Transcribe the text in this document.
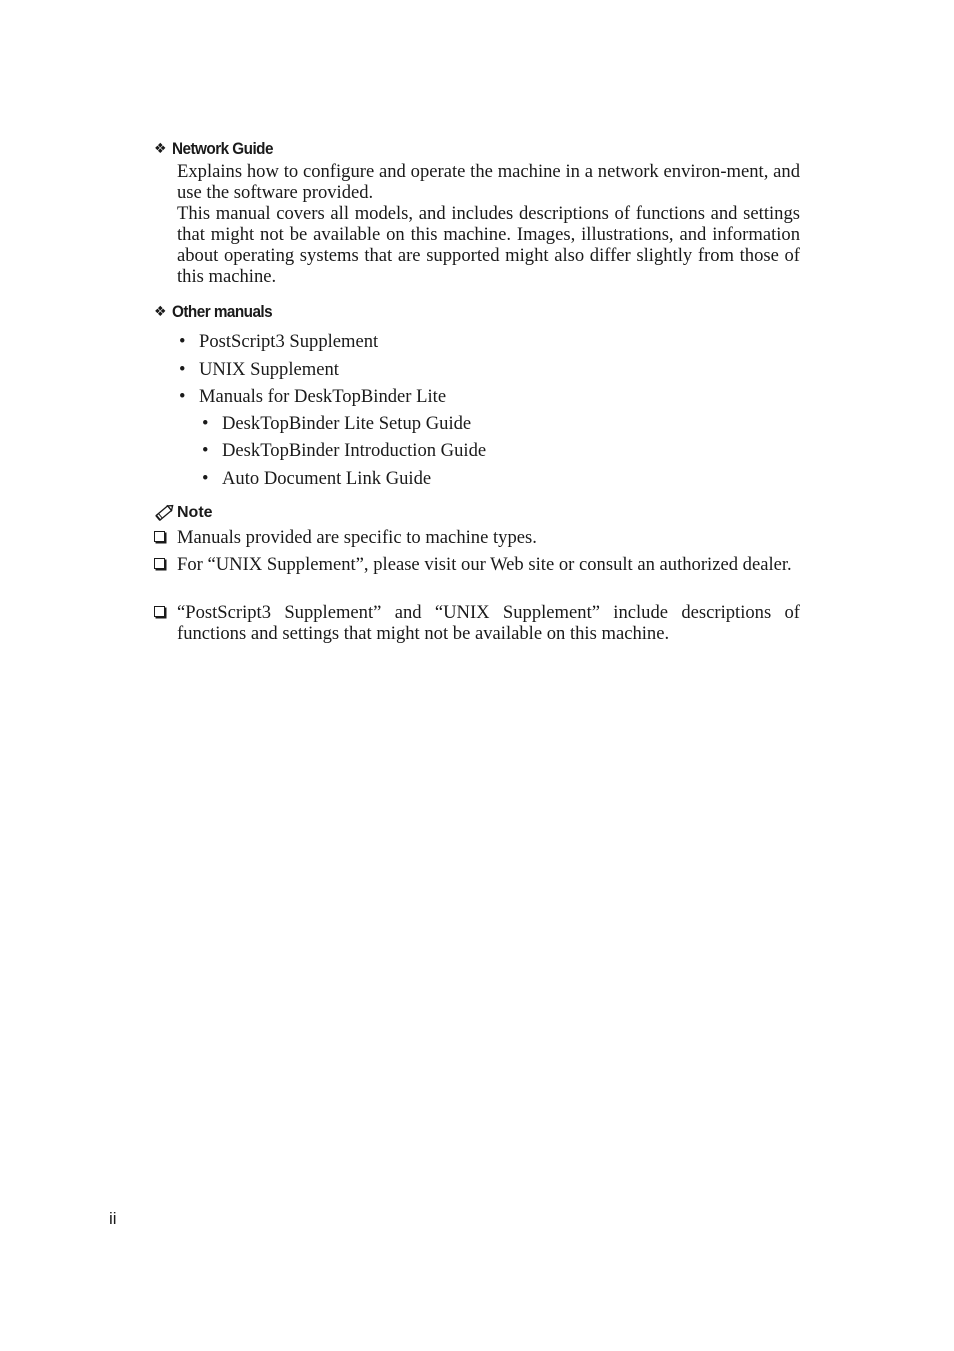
❖ Network Guide

Explains how to configure and operate the machine in a network environ-ment, and use the software provided.

This manual covers all models, and includes descriptions of functions and settings that might not be available on this machine. Images, illustrations, and information about operating systems that are supported might also differ slightly from those of this machine.

❖ Other manuals
• PostScript3 Supplement
• UNIX Supplement
• Manuals for DeskTopBinder Lite
• DeskTopBinder Lite Setup Guide
• DeskTopBinder Introduction Guide
• Auto Document Link Guide
Note
Manuals provided are specific to machine types.
For “UNIX Supplement”, please visit our Web site or consult an authorized dealer.
“PostScript3 Supplement” and “UNIX Supplement” include descriptions of functions and settings that might not be available on this machine.
ii
